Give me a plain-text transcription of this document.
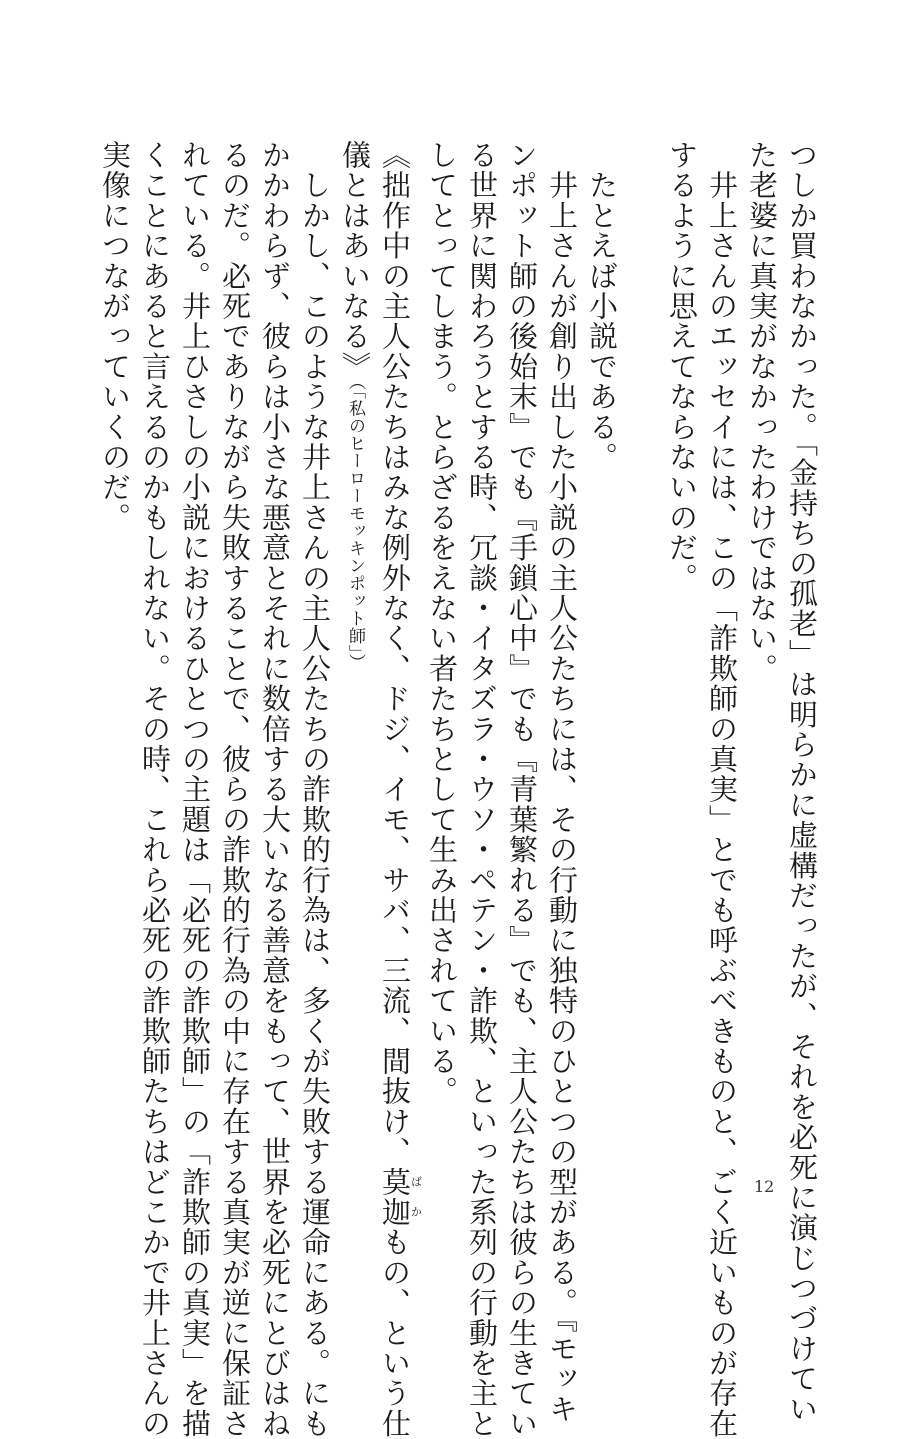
つしか買わなかった。「金持ちの孤老」は明らかに虚構だったが、それを必死に演じつづけてい
た老婆に真実がなかったわけではない。
　井上さんのエッセイには、この「詐欺師の真実」とでも呼ぶべきものと、ごく近いものが存在
するように思えてならないのだ。
　たとえば小説である。
　井上さんが創り出した小説の主人公たちには、その行動に独特のひとつの型がある。『モッキ
ンポット師の後始末』でも『手鎖心中』でも『青葉繁れる』でも、主人公たちは彼らの生きてい
る世界に関わろうとする時、冗談・イタズラ・ウソ・ペテン・詐欺、といった系列の行動を主と
してとってしまう。とらざるをえない者たちとして生み出されている。
《拙作中の主人公たちはみな例外なく、ドジ、イモ、サバ、三流、間抜け、莫迦ばかもの、という仕
儀とはあいなる》（「私のヒーローモッキンポット師」）
　しかし、このような井上さんの主人公たちの詐欺的行為は、多くが失敗する運命にある。にも
かかわらず、彼らは小さな悪意とそれに数倍する大いなる善意をもって、世界を必死にとびはね
るのだ。必死でありながら失敗することで、彼らの詐欺的行為の中に存在する真実が逆に保証さ
れている。井上ひさしの小説におけるひとつの主題は「必死の詐欺師」の「詐欺師の真実」を描
くことにあると言えるのかもしれない。その時、これら必死の詐欺師たちはどこかで井上さんの
実像につながっていくのだ。
12
